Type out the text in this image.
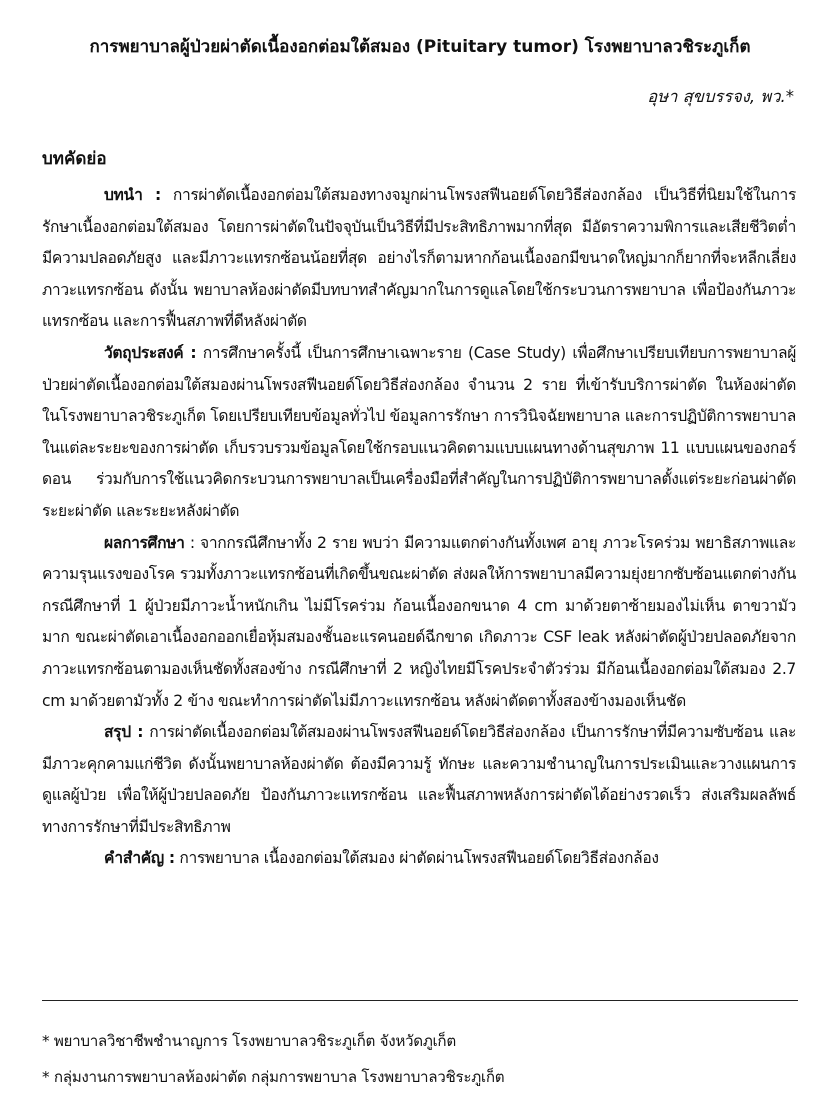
การพยาบาลผู้ป่วยผ่าตัดเนื้องอกต่อมใต้สมอง (Pituitary tumor) โรงพยาบาลวชิระภูเก็ต
อุษา สุขบรรจง, พว.*
บทคัดย่อ

บทนำ : การผ่าตัดเนื้องอกต่อมใต้สมองทางจมูกผ่านโพรงสฟีนอยด์โดยวิธีส่องกล้อง เป็นวิธีที่นิยมใช้ในการรักษาเนื้องอกต่อมใต้สมอง โดยการผ่าตัดในปัจจุบันเป็นวิธีที่มีประสิทธิภาพมากที่สุด มีอัตราความพิการและเสียชีวิตต่ำ มีความปลอดภัยสูง และมีภาวะแทรกซ้อนน้อยที่สุด อย่างไรก็ตามหากก้อนเนื้องอกมีขนาดใหญ่มากก็ยากที่จะหลีกเลี่ยงภาวะแทรกซ้อน ดังนั้น พยาบาลห้องผ่าตัดมีบทบาทสำคัญมากในการดูแลโดยใช้กระบวนการพยาบาล เพื่อป้องกันภาวะแทรกซ้อน และการฟื้นสภาพที่ดีหลังผ่าตัด

วัตถุประสงค์ : การศึกษาครั้งนี้ เป็นการศึกษาเฉพาะราย (Case Study) เพื่อศึกษาเปรียบเทียบการพยาบาลผู้ป่วยผ่าตัดเนื้องอกต่อมใต้สมองผ่านโพรงสฟีนอยด์โดยวิธีส่องกล้อง จำนวน 2 ราย ที่เข้ารับบริการผ่าตัด ในห้องผ่าตัด ในโรงพยาบาลวชิระภูเก็ต โดยเปรียบเทียบข้อมูลทั่วไป ข้อมูลการรักษา การวินิจฉัยพยาบาล และการปฏิบัติการพยาบาลในแต่ละระยะของการผ่าตัด เก็บรวบรวมข้อมูลโดยใช้กรอบแนวคิดตามแบบแผนทางด้านสุขภาพ 11 แบบแผนของกอร์ดอน ร่วมกับการใช้แนวคิดกระบวนการพยาบาลเป็นเครื่องมือที่สำคัญในการปฏิบัติการพยาบาลตั้งแต่ระยะก่อนผ่าตัด ระยะผ่าตัด และระยะหลังผ่าตัด

ผลการศึกษา : จากกรณีศึกษาทั้ง 2 ราย พบว่า มีความแตกต่างกันทั้งเพศ อายุ ภาวะโรคร่วม พยาธิสภาพและความรุนแรงของโรค รวมทั้งภาวะแทรกซ้อนที่เกิดขึ้นขณะผ่าตัด ส่งผลให้การพยาบาลมีความยุ่งยากซับซ้อนแตกต่างกัน กรณีศึกษาที่ 1 ผู้ป่วยมีภาวะน้ำหนักเกิน ไม่มีโรคร่วม ก้อนเนื้องอกขนาด 4 cm มาด้วยตาซ้ายมองไม่เห็น ตาขวามัวมาก ขณะผ่าตัดเอาเนื้องอกออกเยื่อหุ้มสมองชั้นอะแรคนอยด์ฉีกขาด เกิดภาวะ CSF leak หลังผ่าตัดผู้ป่วยปลอดภัยจากภาวะแทรกซ้อนตามองเห็นชัดทั้งสองข้าง กรณีศึกษาที่ 2 หญิงไทยมีโรคประจำตัวร่วม มีก้อนเนื้องอกต่อมใต้สมอง 2.7 cm มาด้วยตามัวทั้ง 2 ข้าง ขณะทำการผ่าตัดไม่มีภาวะแทรกซ้อน หลังผ่าตัดตาทั้งสองข้างมองเห็นชัด

สรุป : การผ่าตัดเนื้องอกต่อมใต้สมองผ่านโพรงสฟีนอยด์โดยวิธีส่องกล้อง เป็นการรักษาที่มีความซับซ้อน และมีภาวะคุกคามแก่ชีวิต ดังนั้นพยาบาลห้องผ่าตัด ต้องมีความรู้ ทักษะ และความชำนาญในการประเมินและวางแผนการดูแลผู้ป่วย เพื่อให้ผู้ป่วยปลอดภัย ป้องกันภาวะแทรกซ้อน และฟื้นสภาพหลังการผ่าตัดได้อย่างรวดเร็ว ส่งเสริมผลลัพธ์ทางการรักษาที่มีประสิทธิภาพ

คำสำคัญ : การพยาบาล เนื้องอกต่อมใต้สมอง ผ่าตัดผ่านโพรงสฟีนอยด์โดยวิธีส่องกล้อง

* พยาบาลวิชาชีพชำนาญการ โรงพยาบาลวชิระภูเก็ต จังหวัดภูเก็ต
* กลุ่มงานการพยาบาลห้องผ่าตัด กลุ่มการพยาบาล โรงพยาบาลวชิระภูเก็ต
